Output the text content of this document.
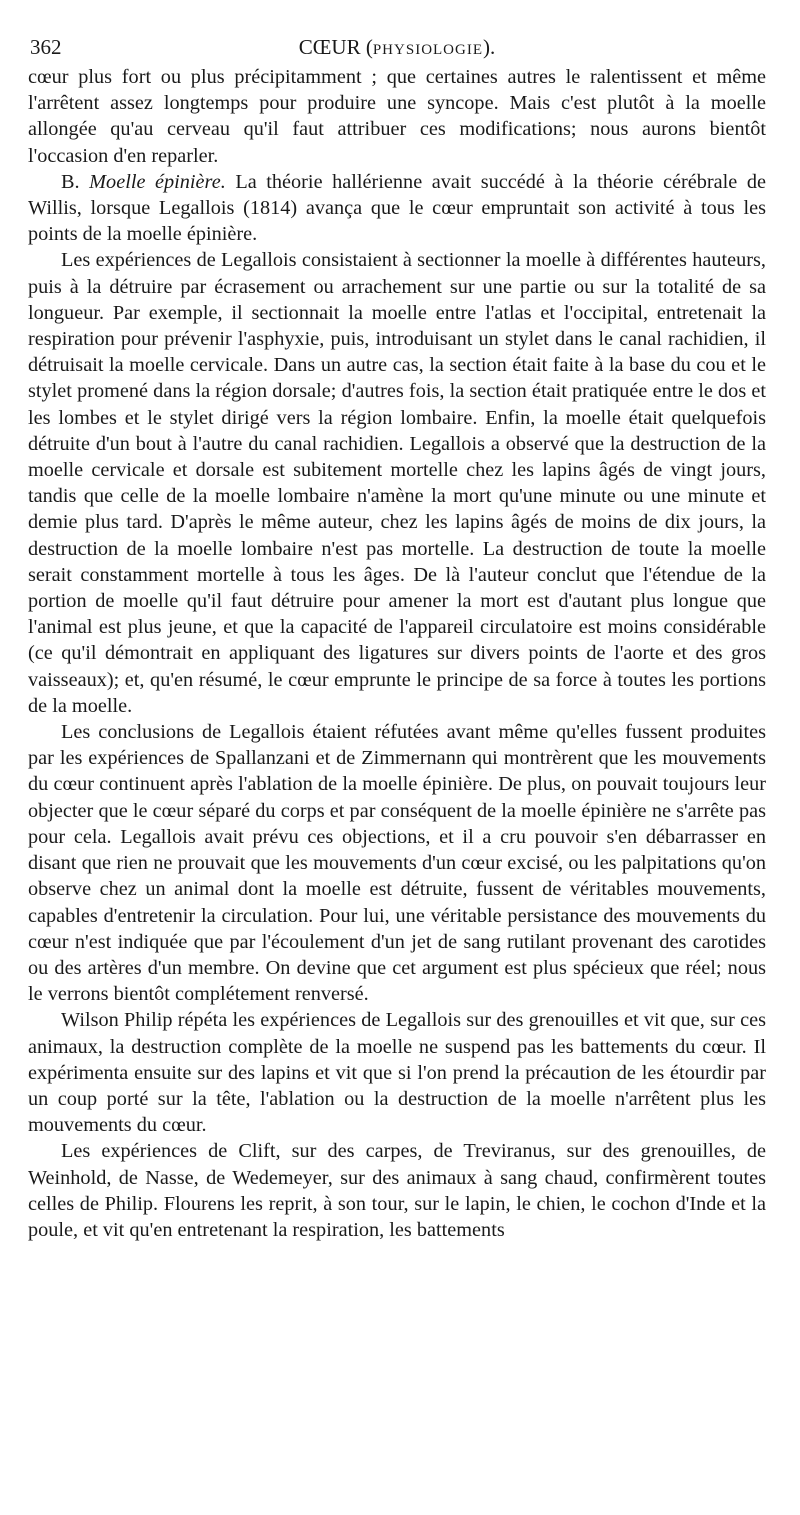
362	CŒUR (PHYSIOLOGIE).

cœur plus fort ou plus précipitamment ; que certaines autres le ralentissent et même l'arrêtent assez longtemps pour produire une syncope. Mais c'est plutôt à la moelle allongée qu'au cerveau qu'il faut attribuer ces modifications; nous aurons bientôt l'occasion d'en reparler.

B. Moelle épinière. La théorie hallérienne avait succédé à la théorie cérébrale de Willis, lorsque Legallois (1814) avança que le cœur empruntait son activité à tous les points de la moelle épinière.

Les expériences de Legallois consistaient à sectionner la moelle à différentes hauteurs, puis à la détruire par écrasement ou arrachement sur une partie ou sur la totalité de sa longueur. Par exemple, il sectionnait la moelle entre l'atlas et l'occipital, entretenait la respiration pour prévenir l'asphyxie, puis, introduisant un stylet dans le canal rachidien, il détruisait la moelle cervicale. Dans un autre cas, la section était faite à la base du cou et le stylet promené dans la région dorsale; d'autres fois, la section était pratiquée entre le dos et les lombes et le stylet dirigé vers la région lombaire. Enfin, la moelle était quelquefois détruite d'un bout à l'autre du canal rachidien. Legallois a observé que la destruction de la moelle cervicale et dorsale est subitement mortelle chez les lapins âgés de vingt jours, tandis que celle de la moelle lombaire n'amène la mort qu'une minute ou une minute et demie plus tard. D'après le même auteur, chez les lapins âgés de moins de dix jours, la destruction de la moelle lombaire n'est pas mortelle. La destruction de toute la moelle serait constamment mortelle à tous les âges. De là l'auteur conclut que l'étendue de la portion de moelle qu'il faut détruire pour amener la mort est d'autant plus longue que l'animal est plus jeune, et que la capacité de l'appareil circulatoire est moins considérable (ce qu'il démontrait en appliquant des ligatures sur divers points de l'aorte et des gros vaisseaux); et, qu'en résumé, le cœur emprunte le principe de sa force à toutes les portions de la moelle.

Les conclusions de Legallois étaient réfutées avant même qu'elles fussent produites par les expériences de Spallanzani et de Zimmernann qui montrèrent que les mouvements du cœur continuent après l'ablation de la moelle épinière. De plus, on pouvait toujours leur objecter que le cœur séparé du corps et par conséquent de la moelle épinière ne s'arrête pas pour cela. Legallois avait prévu ces objections, et il a cru pouvoir s'en débarrasser en disant que rien ne prouvait que les mouvements d'un cœur excisé, ou les palpitations qu'on observe chez un animal dont la moelle est détruite, fussent de véritables mouvements, capables d'entretenir la circulation. Pour lui, une véritable persistance des mouvements du cœur n'est indiquée que par l'écoulement d'un jet de sang rutilant provenant des carotides ou des artères d'un membre. On devine que cet argument est plus spécieux que réel; nous le verrons bientôt complétement renversé.

Wilson Philip répéta les expériences de Legallois sur des grenouilles et vit que, sur ces animaux, la destruction complète de la moelle ne suspend pas les battements du cœur. Il expérimenta ensuite sur des lapins et vit que si l'on prend la précaution de les étourdir par un coup porté sur la tête, l'ablation ou la destruction de la moelle n'arrêtent plus les mouvements du cœur.

Les expériences de Clift, sur des carpes, de Treviranus, sur des grenouilles, de Weinhold, de Nasse, de Wedemeyer, sur des animaux à sang chaud, confirmèrent toutes celles de Philip. Flourens les reprit, à son tour, sur le lapin, le chien, le cochon d'Inde et la poule, et vit qu'en entretenant la respiration, les battements
